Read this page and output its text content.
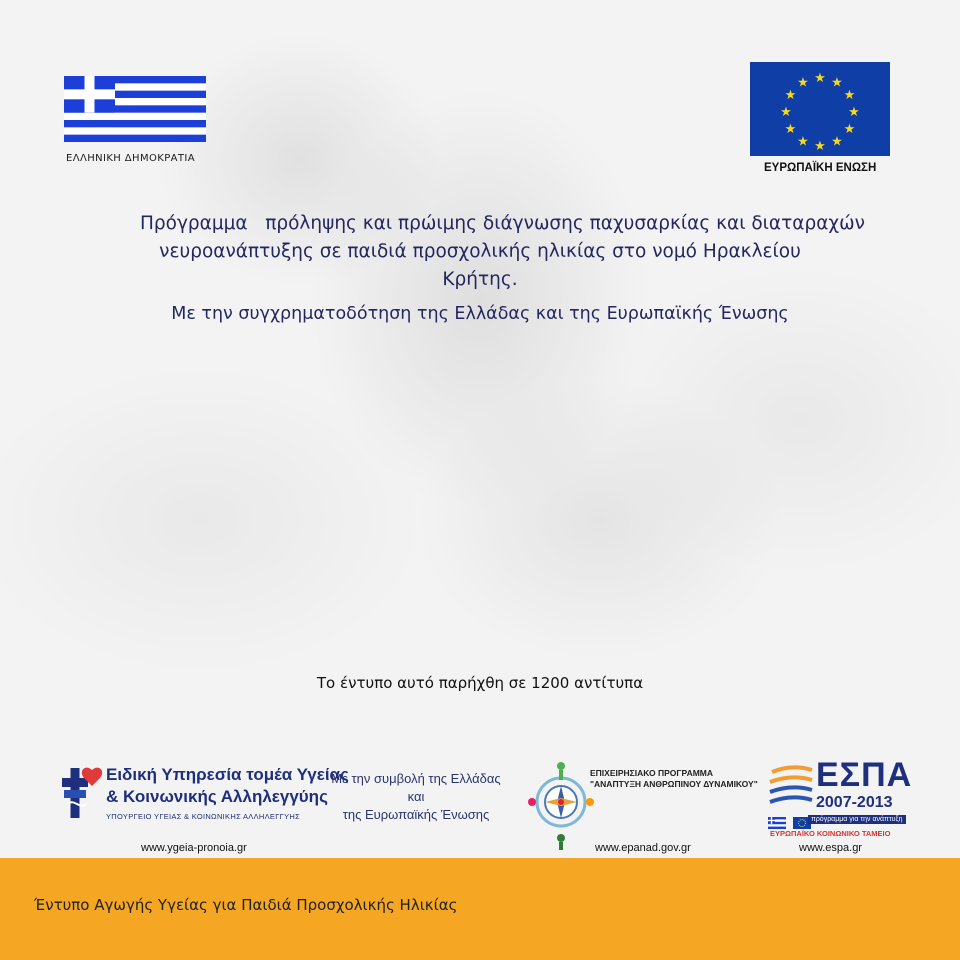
ΕΛΛΗΝΙΚΗ ΔΗΜΟΚΡΑΤΙΑ
★ ★
★
★
★
★
★
★
★
★
★
★
ΕΥΡΩΠΑΪΚΗ ΕΝΩΣΗ

Πρόγραμμα   πρόληψης και πρώιμης διάγνωσης παχυσαρκίας και διαταραχών

νευροανάπτυξης σε παιδιά προσχολικής ηλικίας στο νομό Ηρακλείου Κρήτης.

Με την συγχρηματοδότηση της Ελλάδας και της Ευρωπαϊκής Ένωσης
Το έντυπο αυτό παρήχθη σε 1200 αντίτυπα
Ειδική Υπηρεσία τομέα Υγείας
& Κοινωνικής Αλληλεγγύης
ΥΠΟΥΡΓΕΙΟ ΥΓΕΙΑΣ & ΚΟΙΝΩΝΙΚΗΣ ΑΛΛΗΛΕΓΓΥΗΣ
www.ygeia-pronoia.gr
Με την συμβολή της Ελλάδας
και
της Ευρωπαϊκής Ένωσης
ΕΠΙΧΕΙΡΗΣΙΑΚΟ ΠΡΟΓΡΑΜΜΑ
"ΑΝΑΠΤΥΞΗ ΑΝΘΡΩΠΙΝΟΥ ΔΥΝΑΜΙΚΟΥ"
www.epanad.gov.gr
ΕΣΠΑ
2007-2013

πρόγραμμα για την ανάπτυξη
ΕΥΡΩΠΑΪΚΟ ΚΟΙΝΩΝΙΚΟ ΤΑΜΕΙΟ
www.espa.gr
Έντυπο Αγωγής Υγείας για Παιδιά Προσχολικής Ηλικίας
